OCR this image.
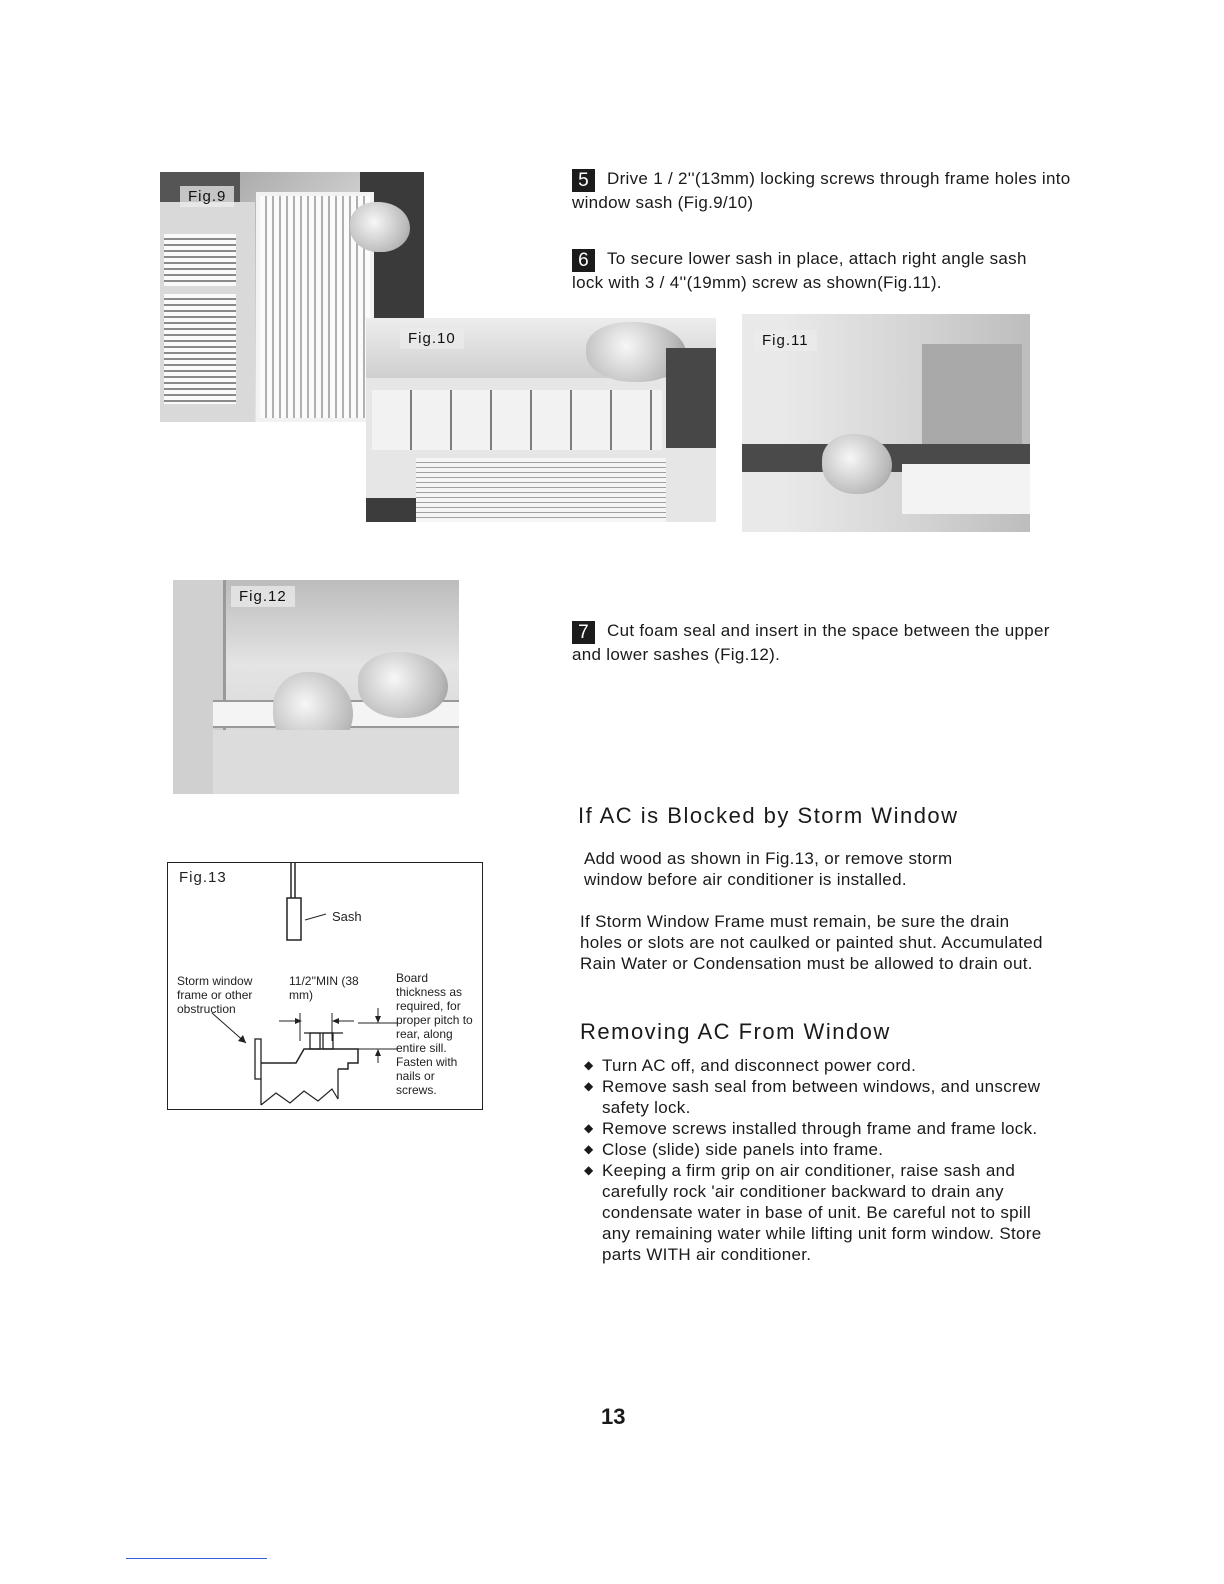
Fig.9
Fig.10	Fig.11
5 Drive 1 / 2''(13mm) locking screws through frame holes into window sash (Fig.9/10)
6 To secure lower sash in place, attach right angle sash lock with 3 / 4''(19mm) screw as shown(Fig.11).
Fig.12
7 Cut foam seal and insert in the space between the upper and lower sashes (Fig.12).
Fig.13
Sash
Storm window frame or other obstruction
11/2''MIN (38 mm)
Board thickness as required, for proper pitch to rear, along entire sill. Fasten with nails or screws.
If AC is Blocked by Storm Window

Add wood as shown in Fig.13, or remove storm window before air conditioner is installed.

If Storm Window Frame must remain, be sure the drain holes or slots are not caulked or painted shut. Accumulated Rain Water or Condensation must be allowed to drain out.

Removing AC From Window
◆ Turn AC off, and disconnect power cord.
◆ Remove sash seal from between windows, and unscrew safety lock.
◆ Remove screws installed through frame and frame lock.
◆ Close (slide) side panels into frame.
◆ Keeping a firm grip on air conditioner, raise sash and carefully rock 'air conditioner backward to drain any condensate water in base of unit. Be careful not to spill any remaining water while lifting unit form window. Store parts WITH air conditioner.
13
